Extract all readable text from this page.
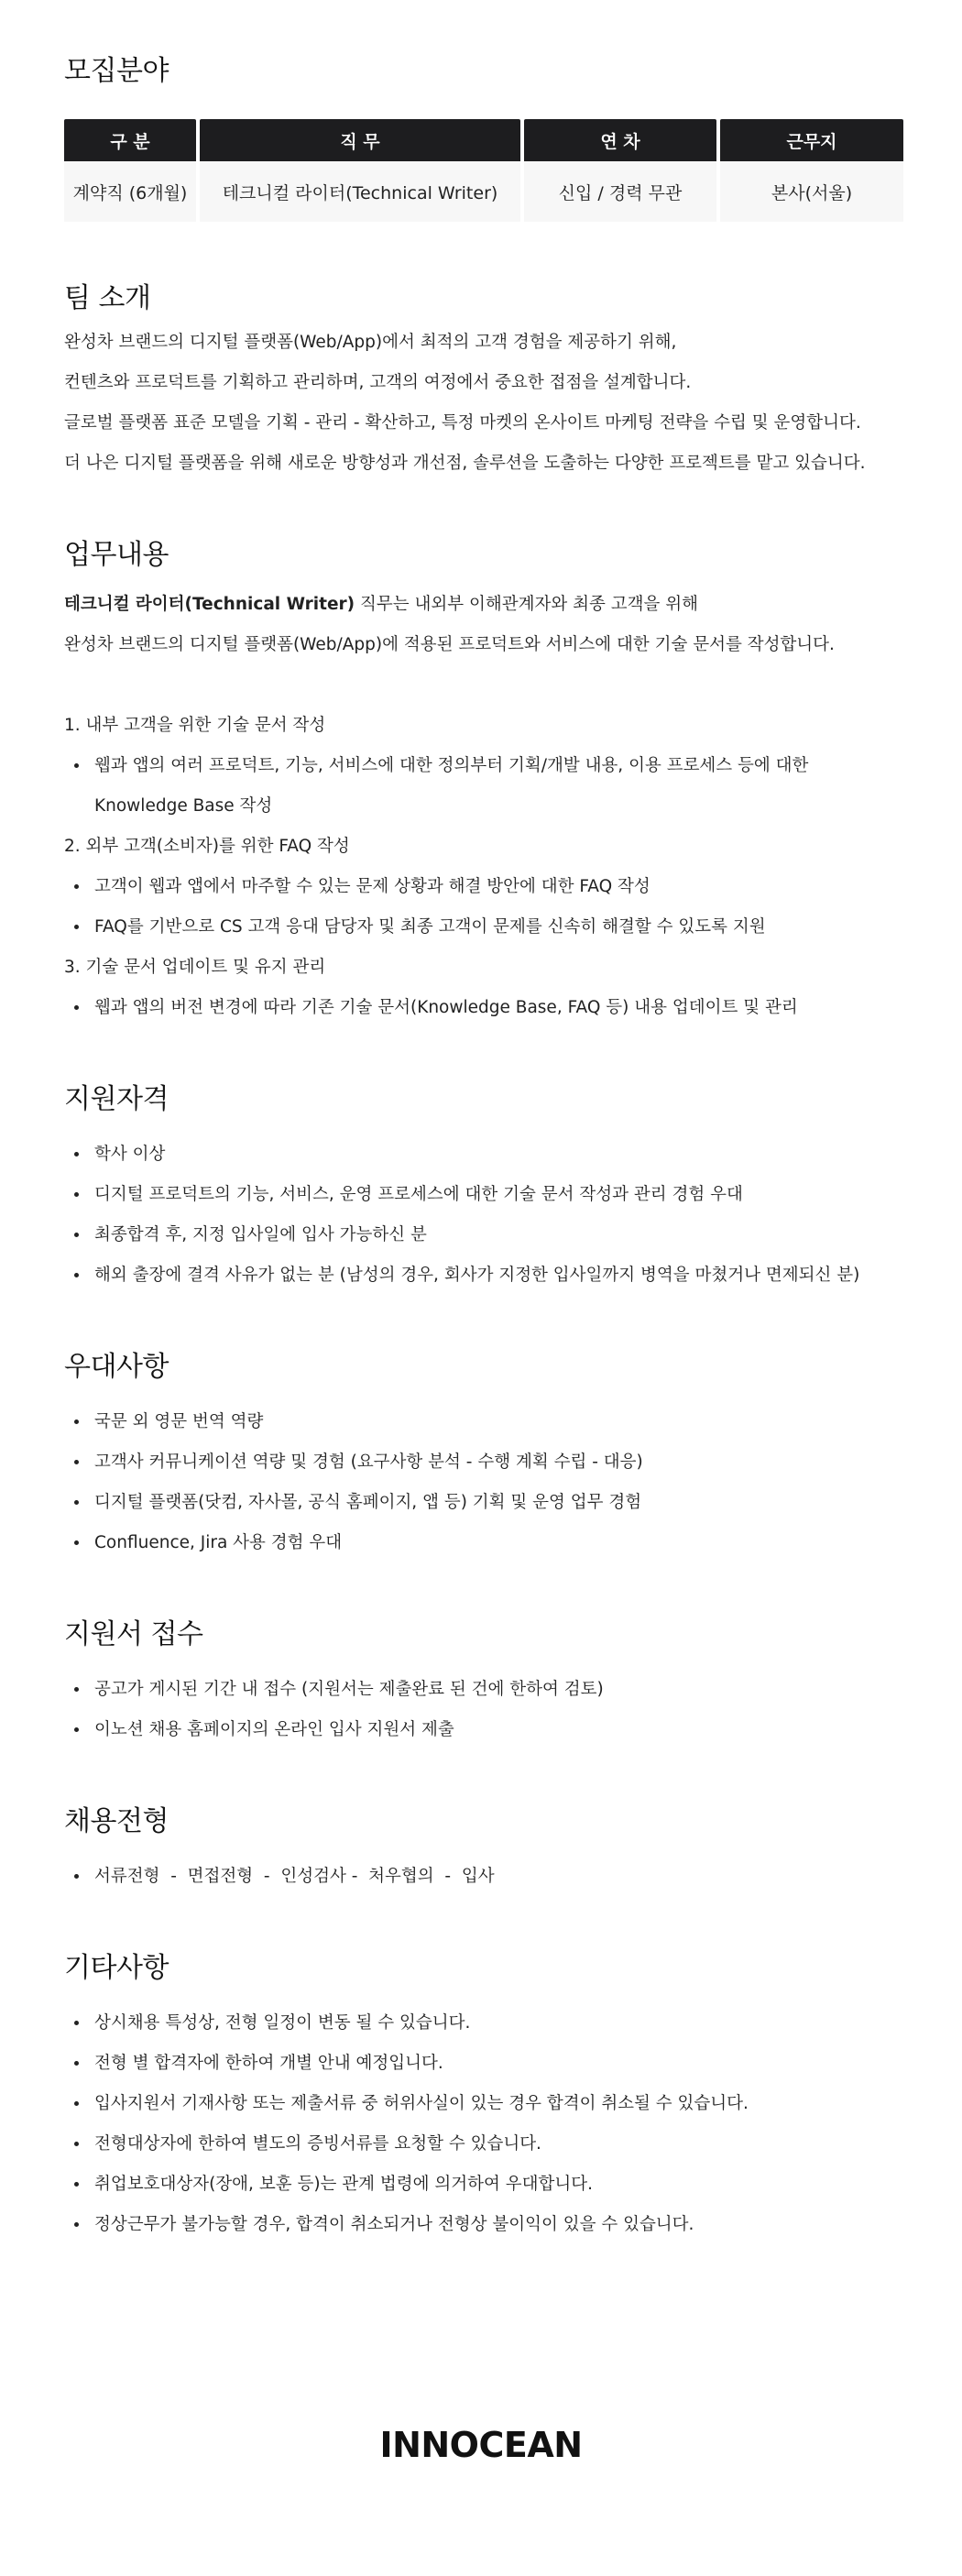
모집분야
구 분	직 무	연 차	근무지
계약직 (6개월)	테크니컬 라이터(Technical Writer)	신입 / 경력 무관	본사(서울)
팀 소개

완성차 브랜드의 디지털 플랫폼(Web/App)에서 최적의 고객 경험을 제공하기 위해,

컨텐츠와 프로덕트를 기획하고 관리하며, 고객의 여정에서 중요한 접점을 설계합니다.

글로벌 플랫폼 표준 모델을 기획 - 관리 - 확산하고, 특정 마켓의 온사이트 마케팅 전략을 수립 및 운영합니다.

더 나은 디지털 플랫폼을 위해 새로운 방향성과 개선점, 솔루션을 도출하는 다양한 프로젝트를 맡고 있습니다.

업무내용

테크니컬 라이터(Technical Writer) 직무는 내외부 이해관계자와 최종 고객을 위해

완성차 브랜드의 디지털 플랫폼(Web/App)에 적용된 프로덕트와 서비스에 대한 기술 문서를 작성합니다.

1. 내부 고객을 위한 기술 문서 작성

웹과 앱의 여러 프로덕트, 기능, 서비스에 대한 정의부터 기획/개발 내용, 이용 프로세스 등에 대한
Knowledge Base 작성

2. 외부 고객(소비자)를 위한 FAQ 작성

고객이 웹과 앱에서 마주할 수 있는 문제 상황과 해결 방안에 대한 FAQ 작성
FAQ를 기반으로 CS 고객 응대 담당자 및 최종 고객이 문제를 신속히 해결할 수 있도록 지원

3. 기술 문서 업데이트 및 유지 관리

웹과 앱의 버전 변경에 따라 기존 기술 문서(Knowledge Base, FAQ 등) 내용 업데이트 및 관리
지원자격
학사 이상
디지털 프로덕트의 기능, 서비스, 운영 프로세스에 대한 기술 문서 작성과 관리 경험 우대
최종합격 후, 지정 입사일에 입사 가능하신 분
해외 출장에 결격 사유가 없는 분 (남성의 경우, 회사가 지정한 입사일까지 병역을 마쳤거나 면제되신 분)
우대사항
국문 외 영문 번역 역량
고객사 커뮤니케이션 역량 및 경험 (요구사항 분석 - 수행 계획 수립 - 대응)
디지털 플랫폼(닷컴, 자사몰, 공식 홈페이지, 앱 등) 기획 및 운영 업무 경험
Confluence, Jira 사용 경험 우대
지원서 접수
공고가 게시된 기간 내 접수 (지원서는 제출완료 된 건에 한하여 검토)
이노션 채용 홈페이지의 온라인 입사 지원서 제출
채용전형
서류전형  -  면접전형  -  인성검사 -  처우협의  -  입사
기타사항
상시채용 특성상, 전형 일정이 변동 될 수 있습니다.
전형 별 합격자에 한하여 개별 안내 예정입니다.
입사지원서 기재사항 또는 제출서류 중 허위사실이 있는 경우 합격이 취소될 수 있습니다.
전형대상자에 한하여 별도의 증빙서류를 요청할 수 있습니다.
취업보호대상자(장애, 보훈 등)는 관계 법령에 의거하여 우대합니다.
정상근무가 불가능할 경우, 합격이 취소되거나 전형상 불이익이 있을 수 있습니다.
INNOCEAN
